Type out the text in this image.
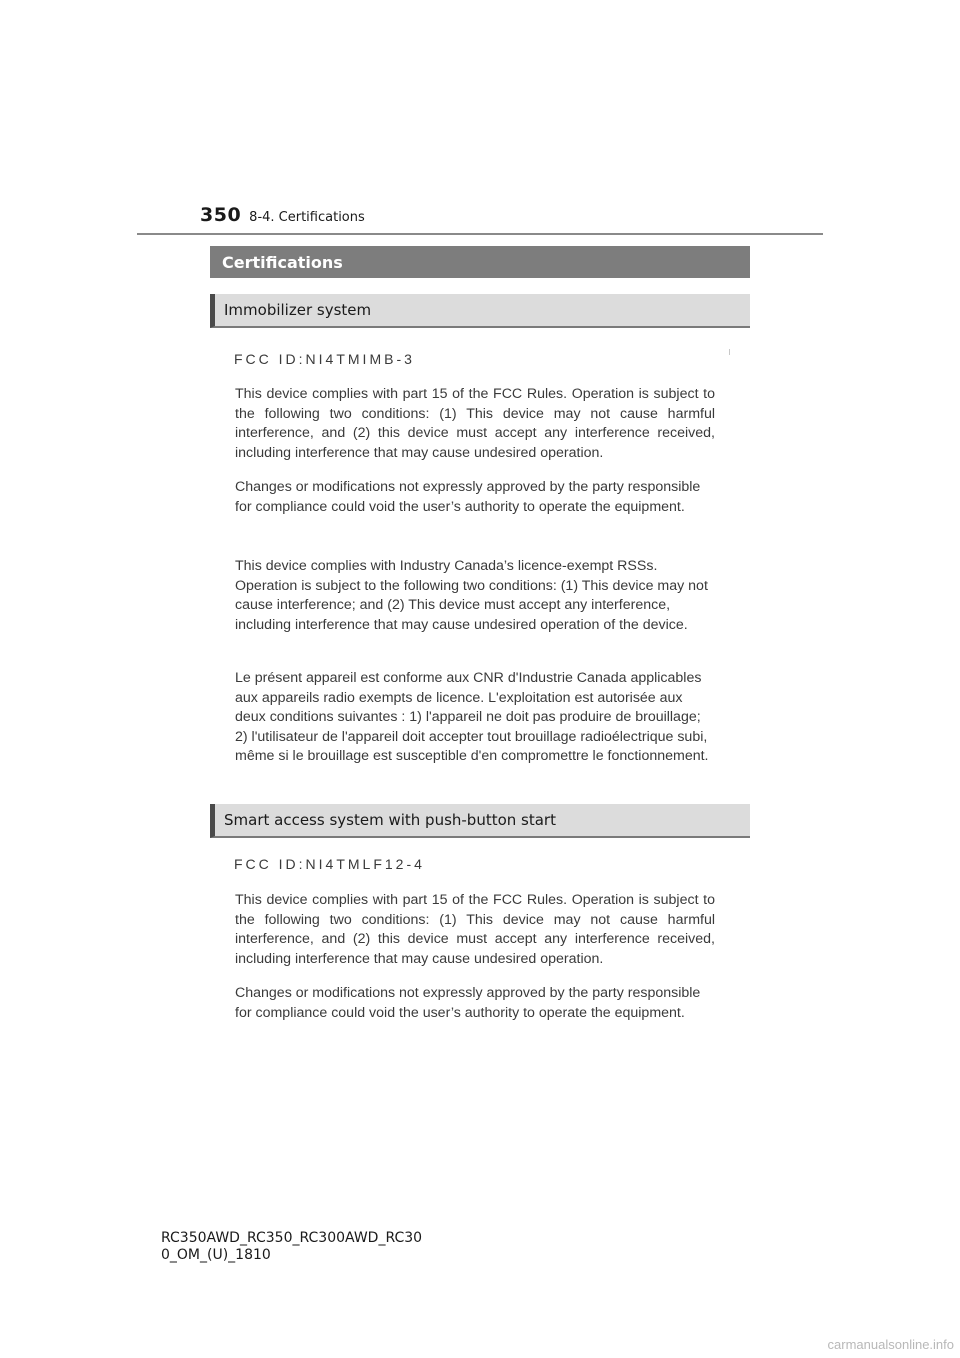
350 8-4. Certifications
Certifications
Immobilizer system
FCC ID:NI4TMIMB-3

This device complies with part 15 of the FCC Rules. Operation is subject to the following two conditions: (1) This device may not cause harmful interference, and (2) this device must accept any interference received, including interference that may cause undesired operation.

Changes or modifications not expressly approved by the party responsible for compliance could void the user’s authority to operate the equipment.

This device complies with Industry Canada’s licence-exempt RSSs. Operation is subject to the following two conditions: (1) This device may not cause interference; and (2) This device must accept any interference, including interference that may cause undesired operation of the device.

Le présent appareil est conforme aux CNR d'Industrie Canada applicables aux appareils radio exempts de licence. L'exploitation est autorisée aux deux conditions suivantes : 1) l'appareil ne doit pas produire de brouillage; 2) l'utilisateur de l'appareil doit accepter tout brouillage radioélectrique subi, même si le brouillage est susceptible d'en compromettre le fonctionnement.

Smart access system with push-button start
FCC ID:NI4TMLF12-4

This device complies with part 15 of the FCC Rules. Operation is subject to the following two conditions: (1) This device may not cause harmful interference, and (2) this device must accept any interference received, including interference that may cause undesired operation.

Changes or modifications not expressly approved by the party responsible for compliance could void the user’s authority to operate the equipment.

RC350AWD_RC350_RC300AWD_RC30
0_OM_(U)_1810
carmanualsonline.info
